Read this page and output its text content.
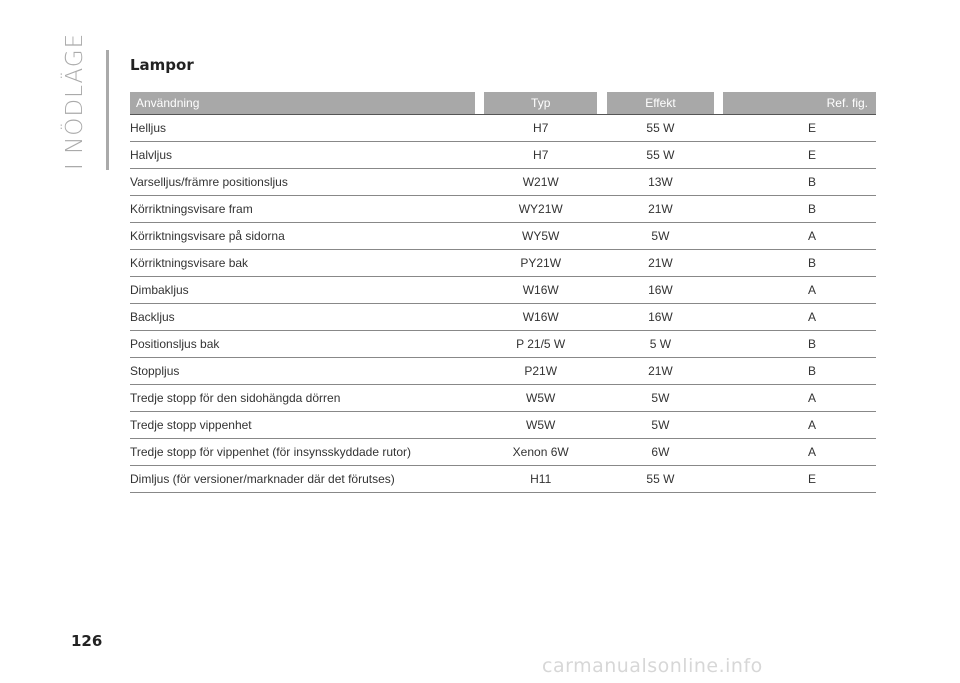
I NÖDLÄGE	Lampor
Användning		Typ		Effekt		Ref. fig.
Helljus		H7		55 W		E
Halvljus		H7		55 W		E
Varselljus/främre positionsljus		W21W		13W		B
Körriktningsvisare fram		WY21W		21W		B
Körriktningsvisare på sidorna		WY5W		5W		A
Körriktningsvisare bak		PY21W		21W		B
Dimbakljus		W16W		16W		A
Backljus		W16W		16W		A
Positionsljus bak		P 21/5 W		5 W		B
Stoppljus		P21W		21W		B
Tredje stopp för den sidohängda dörren		W5W		5W		A
Tredje stopp vippenhet		W5W		5W		A
Tredje stopp för vippenhet (för insynsskyddade rutor)		Xenon 6W		6W		A
Dimljus (för versioner/marknader där det förutses)		H11		55 W		E
126
carmanualsonline.info
